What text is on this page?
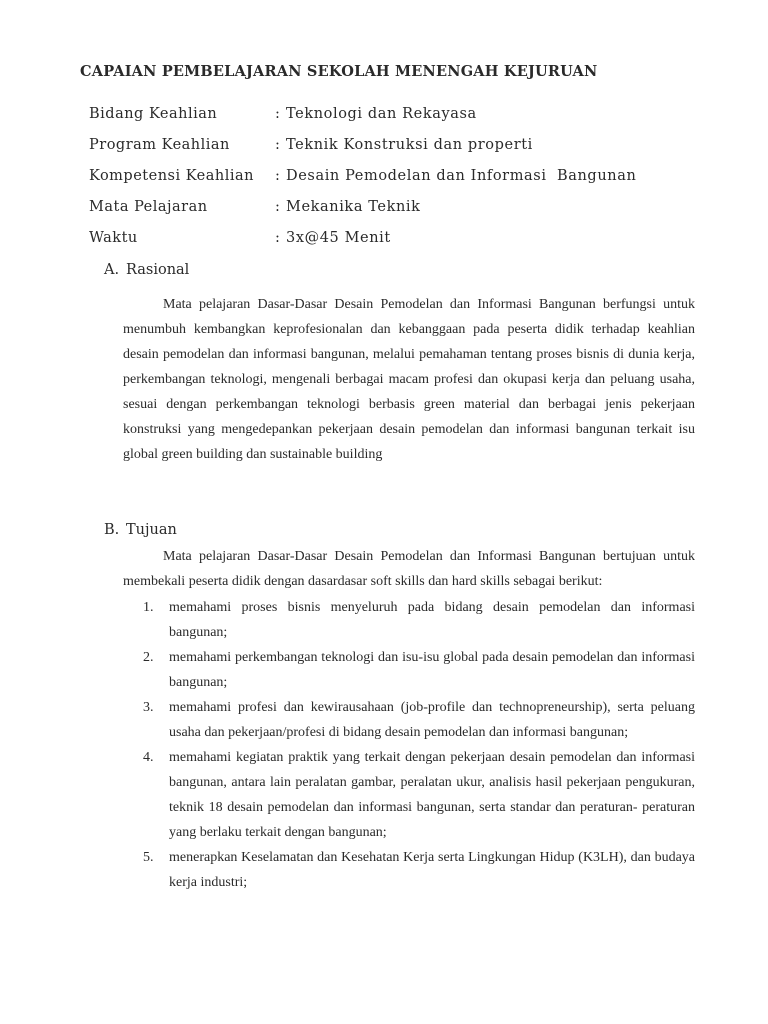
CAPAIAN PEMBELAJARAN SEKOLAH MENENGAH KEJURUAN
Bidang Keahlian	: Teknologi dan Rekayasa
Program Keahlian	: Teknik Konstruksi dan properti
Kompetensi Keahlian : Desain Pemodelan dan Informasi  Bangunan
Mata Pelajaran	: Mekanika Teknik
Waktu	: 3x@45 Menit
A. Rasional
Mata pelajaran Dasar-Dasar Desain Pemodelan dan Informasi Bangunan berfungsi untuk menumbuh kembangkan keprofesionalan dan kebanggaan pada peserta didik terhadap keahlian desain pemodelan dan informasi bangunan, melalui pemahaman tentang proses bisnis di dunia kerja, perkembangan teknologi, mengenali berbagai macam profesi dan okupasi kerja dan peluang usaha, sesuai dengan perkembangan teknologi berbasis green material dan berbagai jenis pekerjaan konstruksi yang mengedepankan pekerjaan desain pemodelan dan informasi bangunan terkait isu global green building dan sustainable building
B. Tujuan
Mata pelajaran Dasar-Dasar Desain Pemodelan dan Informasi Bangunan bertujuan untuk membekali peserta didik dengan dasardasar soft skills dan hard skills sebagai berikut:
1. memahami proses bisnis menyeluruh pada bidang desain pemodelan dan informasi bangunan;
2. memahami perkembangan teknologi dan isu-isu global pada desain pemodelan dan informasi bangunan;
3. memahami profesi dan kewirausahaan (job-profile dan technopreneurship), serta peluang usaha dan pekerjaan/profesi di bidang desain pemodelan dan informasi bangunan;
4. memahami kegiatan praktik yang terkait dengan pekerjaan desain pemodelan dan informasi bangunan, antara lain peralatan gambar, peralatan ukur, analisis hasil pekerjaan pengukuran, teknik 18 desain pemodelan dan informasi bangunan, serta standar dan peraturan- peraturan yang berlaku terkait dengan bangunan;
5. menerapkan Keselamatan dan Kesehatan Kerja serta Lingkungan Hidup (K3LH), dan budaya kerja industri;
